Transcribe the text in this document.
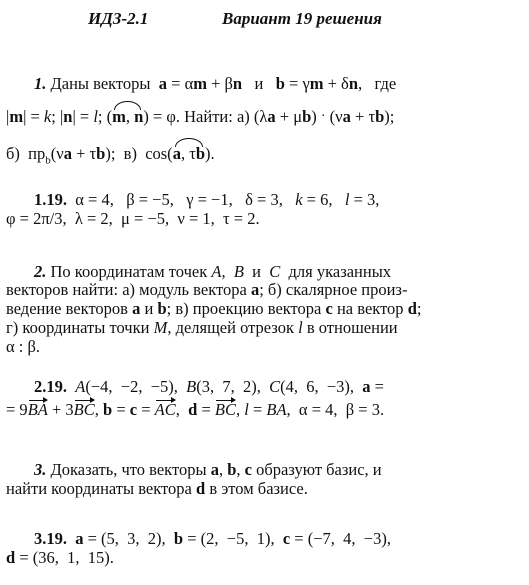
ИДЗ-2.1	Вариант 19 решения
1. Даны векторы  a = αm + βn   и   b = γm + δn,   где
|m| = k; |n| = l; (m, n) = φ. Найти: а) (λa + μb) · (νa + τb);
б)  $пр_b(\nu a + \tau b)$;  в)  cos(a, τb).
1.19.  α = 4,   β = −5,   γ = −1,   δ = 3,   k = 6,   l = 3,
φ = 2π/3,  λ = 2,  μ = −5,  ν = 1,  τ = 2.
2. По координатам точек A,  B  и  C  для указанных
векторов найти: а) модуль вектора a; б) скалярное произ-
ведение векторов a и b; в) проекцию вектора c на вектор d;
г) координаты точки M, делящей отрезок l в отношении
α : β.
2.19. A(−4,  −2,  −5),  B(3,  7,  2),  C(4,  6,  −3),  a =
= 9BA + 3BC, b = c = AC,  d = BC, l = BA,  α = 4,  β = 3.
3. Доказать, что векторы a, b, c образуют базис, и
найти координаты вектора d в этом базисе.
3.19. a = (5,  3,  2),  b = (2,  −5,  1),  c = (−7,  4,  −3),
d = (36,  1,  15).
